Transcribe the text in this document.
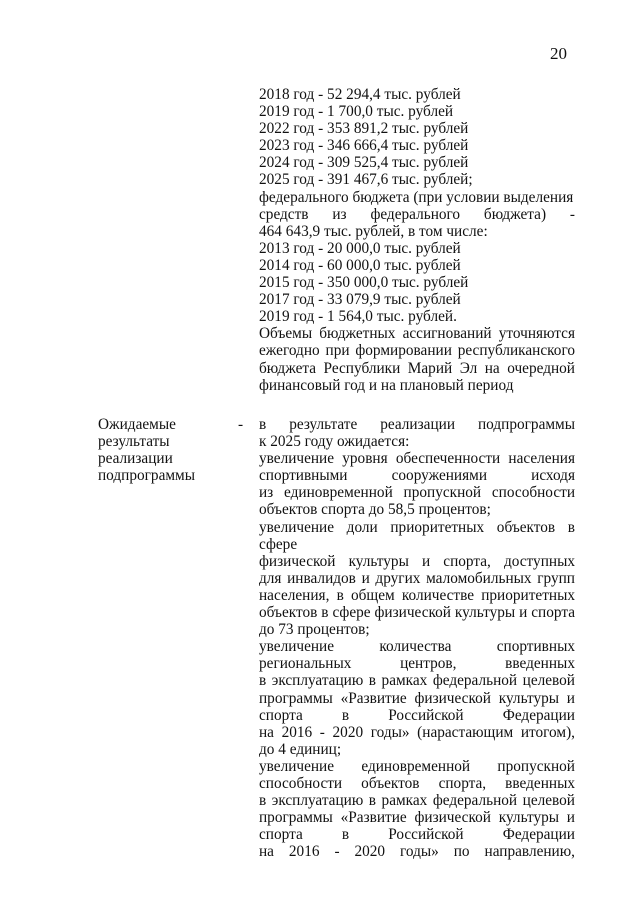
20
2018 год - 52 294,4 тыс. рублей
2019 год - 1 700,0 тыс. рублей
2022 год - 353 891,2 тыс. рублей
2023 год - 346 666,4 тыс. рублей
2024 год - 309 525,4 тыс. рублей
2025 год - 391 467,6 тыс. рублей;
федерального бюджета (при условии выделения
средств из федерального бюджета) -
464 643,9 тыс. рублей, в том числе:
2013 год - 20 000,0 тыс. рублей
2014 год - 60 000,0 тыс. рублей
2015 год - 350 000,0 тыс. рублей
2017 год - 33 079,9 тыс. рублей
2019 год - 1 564,0 тыс. рублей.
Объемы бюджетных ассигнований уточняются
ежегодно при формировании республиканского
бюджета Республики Марий Эл на очередной
финансовый год и на плановый период
Ожидаемые
результаты
реализации
подпрограммы
- в результате реализации подпрограммы
к 2025 году ожидается:
увеличение уровня обеспеченности населения
спортивными сооружениями исходя
из единовременной пропускной способности
объектов спорта до 58,5 процентов;
увеличение доли приоритетных объектов в сфере
физической культуры и спорта, доступных
для инвалидов и других маломобильных групп
населения, в общем количестве приоритетных
объектов в сфере физической культуры и спорта
до 73 процентов;
увеличение количества спортивных
региональных центров, введенных
в эксплуатацию в рамках федеральной целевой
программы «Развитие физической культуры и
спорта в Российской Федерации
на 2016 - 2020 годы» (нарастающим итогом),
до 4 единиц;
увеличение единовременной пропускной
способности объектов спорта, введенных
в эксплуатацию в рамках федеральной целевой
программы «Развитие физической культуры и
спорта в Российской Федерации
на 2016 - 2020 годы» по направлению,
